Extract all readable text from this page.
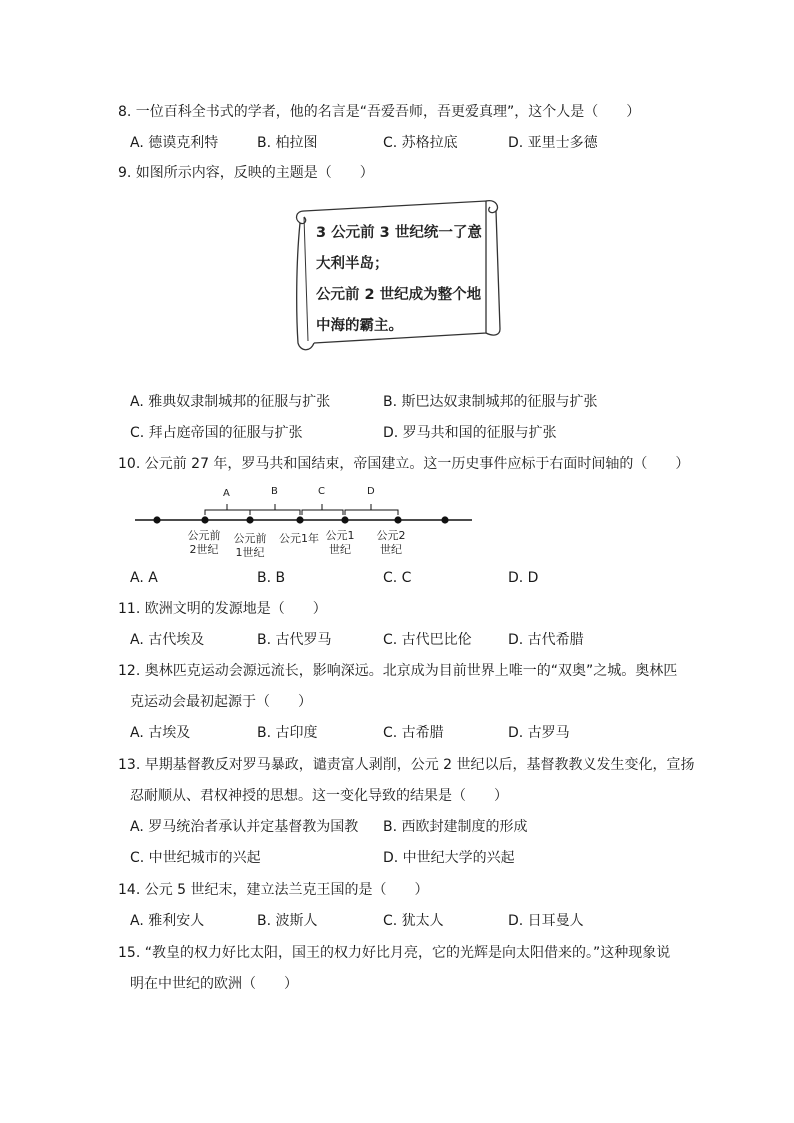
8. 一位百科全书式的学者，他的名言是“吾爱吾师，吾更爱真理”，这个人是（　　）
A. 德谟克利特	B. 柏拉图	C. 苏格拉底	D. 亚里士多德
9. 如图所示内容，反映的主题是（　　）
3 公元前 3 世纪统一了意
大利半岛；
公元前 2 世纪成为整个地
中海的霸主。
A. 雅典奴隶制城邦的征服与扩张	B. 斯巴达奴隶制城邦的征服与扩张
C. 拜占庭帝国的征服与扩张	D. 罗马共和国的征服与扩张
10. 公元前 27 年，罗马共和国结束，帝国建立。这一历史事件应标于右面时间轴的（　　）
A	B	C	D
公元前
2世纪
公元前
1世纪
公元1年 公元1
世纪
公元2
世纪
A. A	B. B	C. C	D. D
11. 欧洲文明的发源地是（　　）
A. 古代埃及	B. 古代罗马	C. 古代巴比伦	D. 古代希腊
12. 奥林匹克运动会源远流长，影响深远。北京成为目前世界上唯一的“双奥”之城。奥林匹
克运动会最初起源于（　　）
A. 古埃及	B. 古印度	C. 古希腊	D. 古罗马
13. 早期基督教反对罗马暴政，谴责富人剥削，公元 2 世纪以后，基督教教义发生变化，宣扬
忍耐顺从、君权神授的思想。这一变化导致的结果是（　　）
A. 罗马统治者承认并定基督教为国教 B. 西欧封建制度的形成
C. 中世纪城市的兴起	D. 中世纪大学的兴起
14. 公元 5 世纪末，建立法兰克王国的是（　　）
A. 雅利安人	B. 波斯人	C. 犹太人	D. 日耳曼人
15. “教皇的权力好比太阳，国王的权力好比月亮，它的光辉是向太阳借来的。”这种现象说
明在中世纪的欧洲（　　）
